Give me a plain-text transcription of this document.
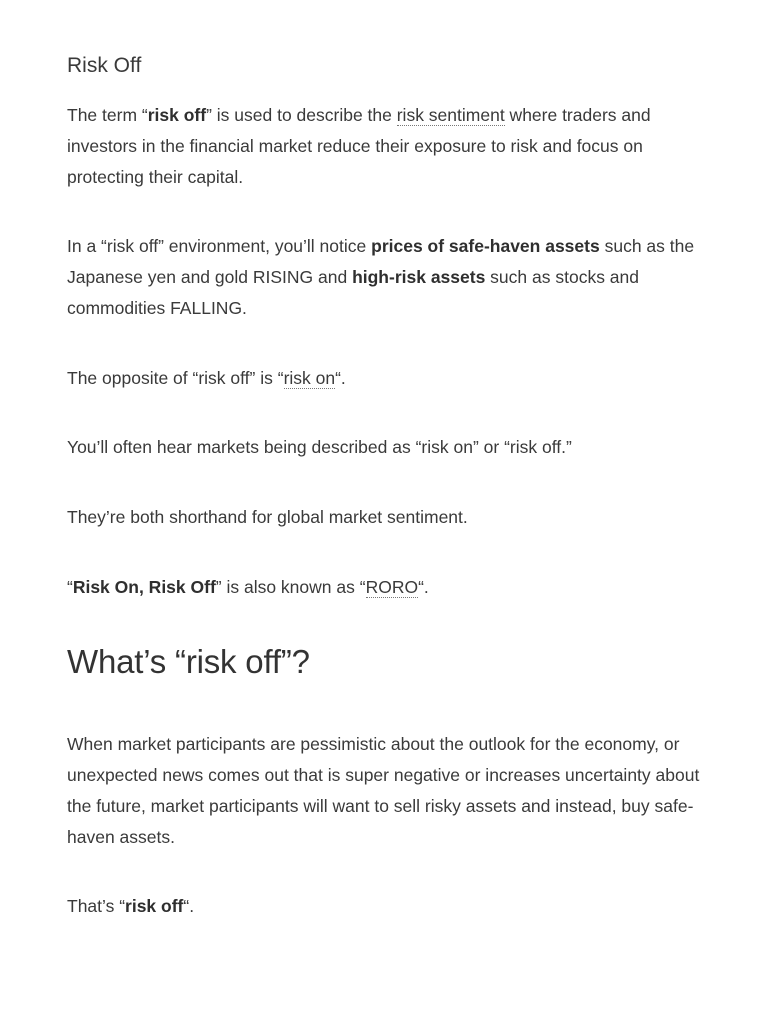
Risk Off

The term “risk off” is used to describe the risk sentiment where traders and investors in the financial market reduce their exposure to risk and focus on protecting their capital.

In a “risk off” environment, you’ll notice prices of safe-haven assets such as the Japanese yen and gold RISING and high-risk assets such as stocks and commodities FALLING.

The opposite of “risk off” is “risk on“.

You’ll often hear markets being described as “risk on” or “risk off.”

They’re both shorthand for global market sentiment.

“Risk On, Risk Off” is also known as “RORO“.

What’s “risk off”?

When market participants are pessimistic about the outlook for the economy, or unexpected news comes out that is super negative or increases uncertainty about the future, market participants will want to sell risky assets and instead, buy safe-haven assets.

That’s “risk off“.
